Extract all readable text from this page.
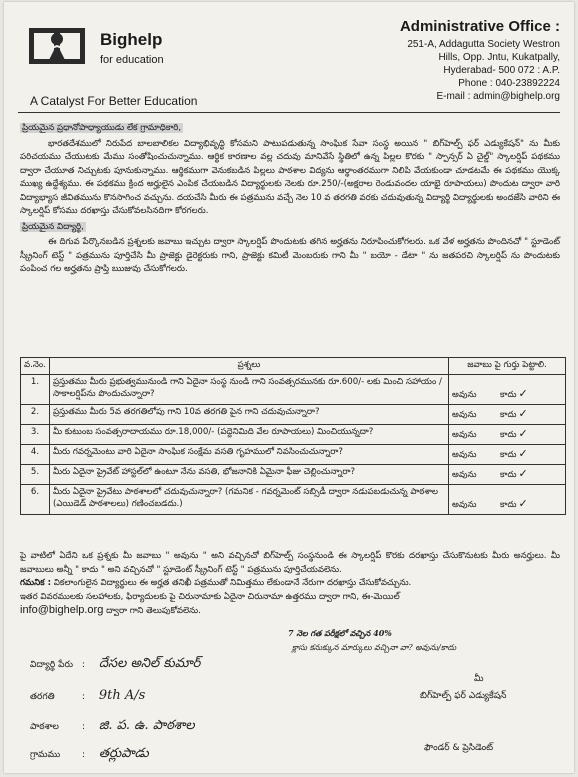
Bighelp
for education
A Catalyst For Better Education
Administrative Office :
251-A, Addagutta Society Westron
Hills, Opp. Jntu, Kukatpally,
Hyderabad- 500 072 : A.P.
Phone : 040-23892224
E-mail : admin@bighelp.org

ప్రియమైన ప్రధానోపాధ్యాయుడు లేక గ్రామాధికారి,

భారతదేశములో నిరుపేద బాలబాలికల విద్యాభివృద్ధి కోసమని పాటుపడుతున్న సాంఘిక సేవా సంస్థ అయిన " బిగ్‌హెల్ప్ ఫర్ ఎడ్యుకేషన్" ను మీకు పరిచయము చేయుటకు మేము సంతోషించుచున్నాము. ఆర్థిక కారణాల వల్ల చదువు మానివేసే స్థితిలో ఉన్న పిల్లల కొరకు " స్పాన్సర్ ఏ చైల్డ్" స్కాలర్షిప్ పథకము ద్వారా చేయూత నిచ్చుటకు పూనుకున్నాము. ఆర్థికముగా వెనుకబడిన పిల్లలు పాఠశాల విద్యను ఆర్థాంతరముగా నిలిపి వేయకుండా చూడటమే ఈ పథకము యొక్క ముఖ్య ఉద్దేశ్యము. ఈ పథకము క్రింద అర్హులైన ఎంపిక చేయబడిన విద్యార్థులకు నెలకు రూ.250/-(అక్షరాల రెండువందల యాభై రూపాయలు) పొందుట ద్వారా వారి విద్యాభ్యాస జీవితమును కొనసాగించ వచ్చును. దయచేసి మీరు ఈ పత్రమును వచ్చే నెల 10 వ తరగతి వరకు చదువుతున్న విద్యార్థి విద్యార్థులకు అందజేసి వారిని ఈ స్కాలర్షిప్ కోసము దరఖాస్తు చేసుకోవలసినదిగా కోరగలరు.

ప్రియమైన విద్యార్థి,

ఈ దిగువ పేర్కొనబడిన ప్రశ్నలకు జవాబు ఇచ్చుట ద్వారా స్కాలర్షిప్ పొందుటకు తగిన అర్హతను నిరూపించుకోగలరు. ఒక వేళ అర్హతను పొందినచో " స్టూడెంట్ స్క్రీనింగ్ టెస్ట్ " పత్రమును పూర్తిచేసి మీ ప్రాజెక్టు డైరెక్టరుకు గాని, ప్రాజెక్టు కమిటీ మెంబరుకు గాని మీ " బయో - డేటా " ను జతపరచి స్కాలర్షిప్ ను పొందుటకు పంపించ గల అర్హతను ప్రాప్తి ఋజువు చేసుకోగలరు.

వ.నెం.	ప్రశ్నలు	జవాబు పై గుర్తు పెట్టాలి.
1.	ప్రస్తుతము మీరు ప్రభుత్వమునుండి గాని ఏదైనా సంస్థ నుండి గాని సంవత్సరమునకు రూ.600/- లకు మించి సహాయం / సాకాలర్షిప్‌ను పొందుచున్నారా?	అవును కాదు ✓
2.	ప్రస్తుతము మీరు 5వ తరగతిలోపు గాని 10వ తరగతి పైన గాని చదువుచున్నారా?	అవును కాదు ✓
3.	మీ కుటుంబ సంవత్సరాదాయము రూ.18,000/- (పద్దెనిమిది వేల రూపాయలు) మించియున్నదా?	అవును కాదు ✓
4.	మీరు గవర్నమెంటు వారి ఏదైనా సాంఘిక సంక్షేమ వసతి గృహములో నివసించుచున్నారా?	అవును కాదు ✓
5.	మీరు ఏదైనా ప్రైవేట్ హాస్టల్‌లో ఉంటూ నేను వసతి, భోజనానికి ఏమైనా ఫీజు చెల్లించున్నారా?	అవును కాదు ✓
6.	మీరు ఏదైనా ప్రైవేటు పాఠశాలలో చదువుచున్నారా? (గమనిక - గవర్నమెంట్ సబ్సిడీ ద్వారా నడుపబడుచున్న పాఠశాల (ఎయిడెడ్ పాఠశాలలు) గణించబడదు.)	అవును కాదు ✓

పై వాటిలో ఏదేని ఒక ప్రశ్నకు మీ జవాబు " అవును " అని వచ్చినచో బిగ్‌హెల్ప్ సంస్థనుండి ఈ స్కాలర్షిప్ కొరకు దరఖాస్తు చేసుకొనుటకు మీరు అనర్హులు. మీ జవాబులు అన్నీ " కాదు " అని వచ్చినచో " స్టూడెంట్ స్క్రీనింగ్ టెస్ట్ " పత్రమును పూర్తిచేయవలెను.

గమనిక : వికలాంగులైన విద్యార్థులు ఈ అర్హత తనిఖీ పత్రముతో నిమిత్తము లేకుండానే నేరుగా దరఖాస్తు చేసుకోవచ్చును.

ఇతర వివరములకు సలహాలకు, ఫిర్యాదులకు పై చిరునామాకు ఏదైనా చిరునామా ఉత్తరము ద్వారా గాని, ఈ-మెయిల్

info@bighelp.org ద్వారా గాని తెలుపుకోవలెను.

7 నెల గత పరీక్షలో వచ్చిన 40%
క్లాసు కనుక్కున మార్కులు వచ్చినా వా? అవును/కాదు
విద్యార్థి పేరు : దేసల అనిల్ కుమార్
తరగతి	: 9th A/s
పాఠశాల	: జి. ప. ఉ. పాఠశాల
గ్రామము : తర్లుపాడు
మీ
బిగ్‌హెల్ప్ ఫర్ ఎడ్యుకేషన్
ఫౌండర్ & ప్రెసిడెంట్
